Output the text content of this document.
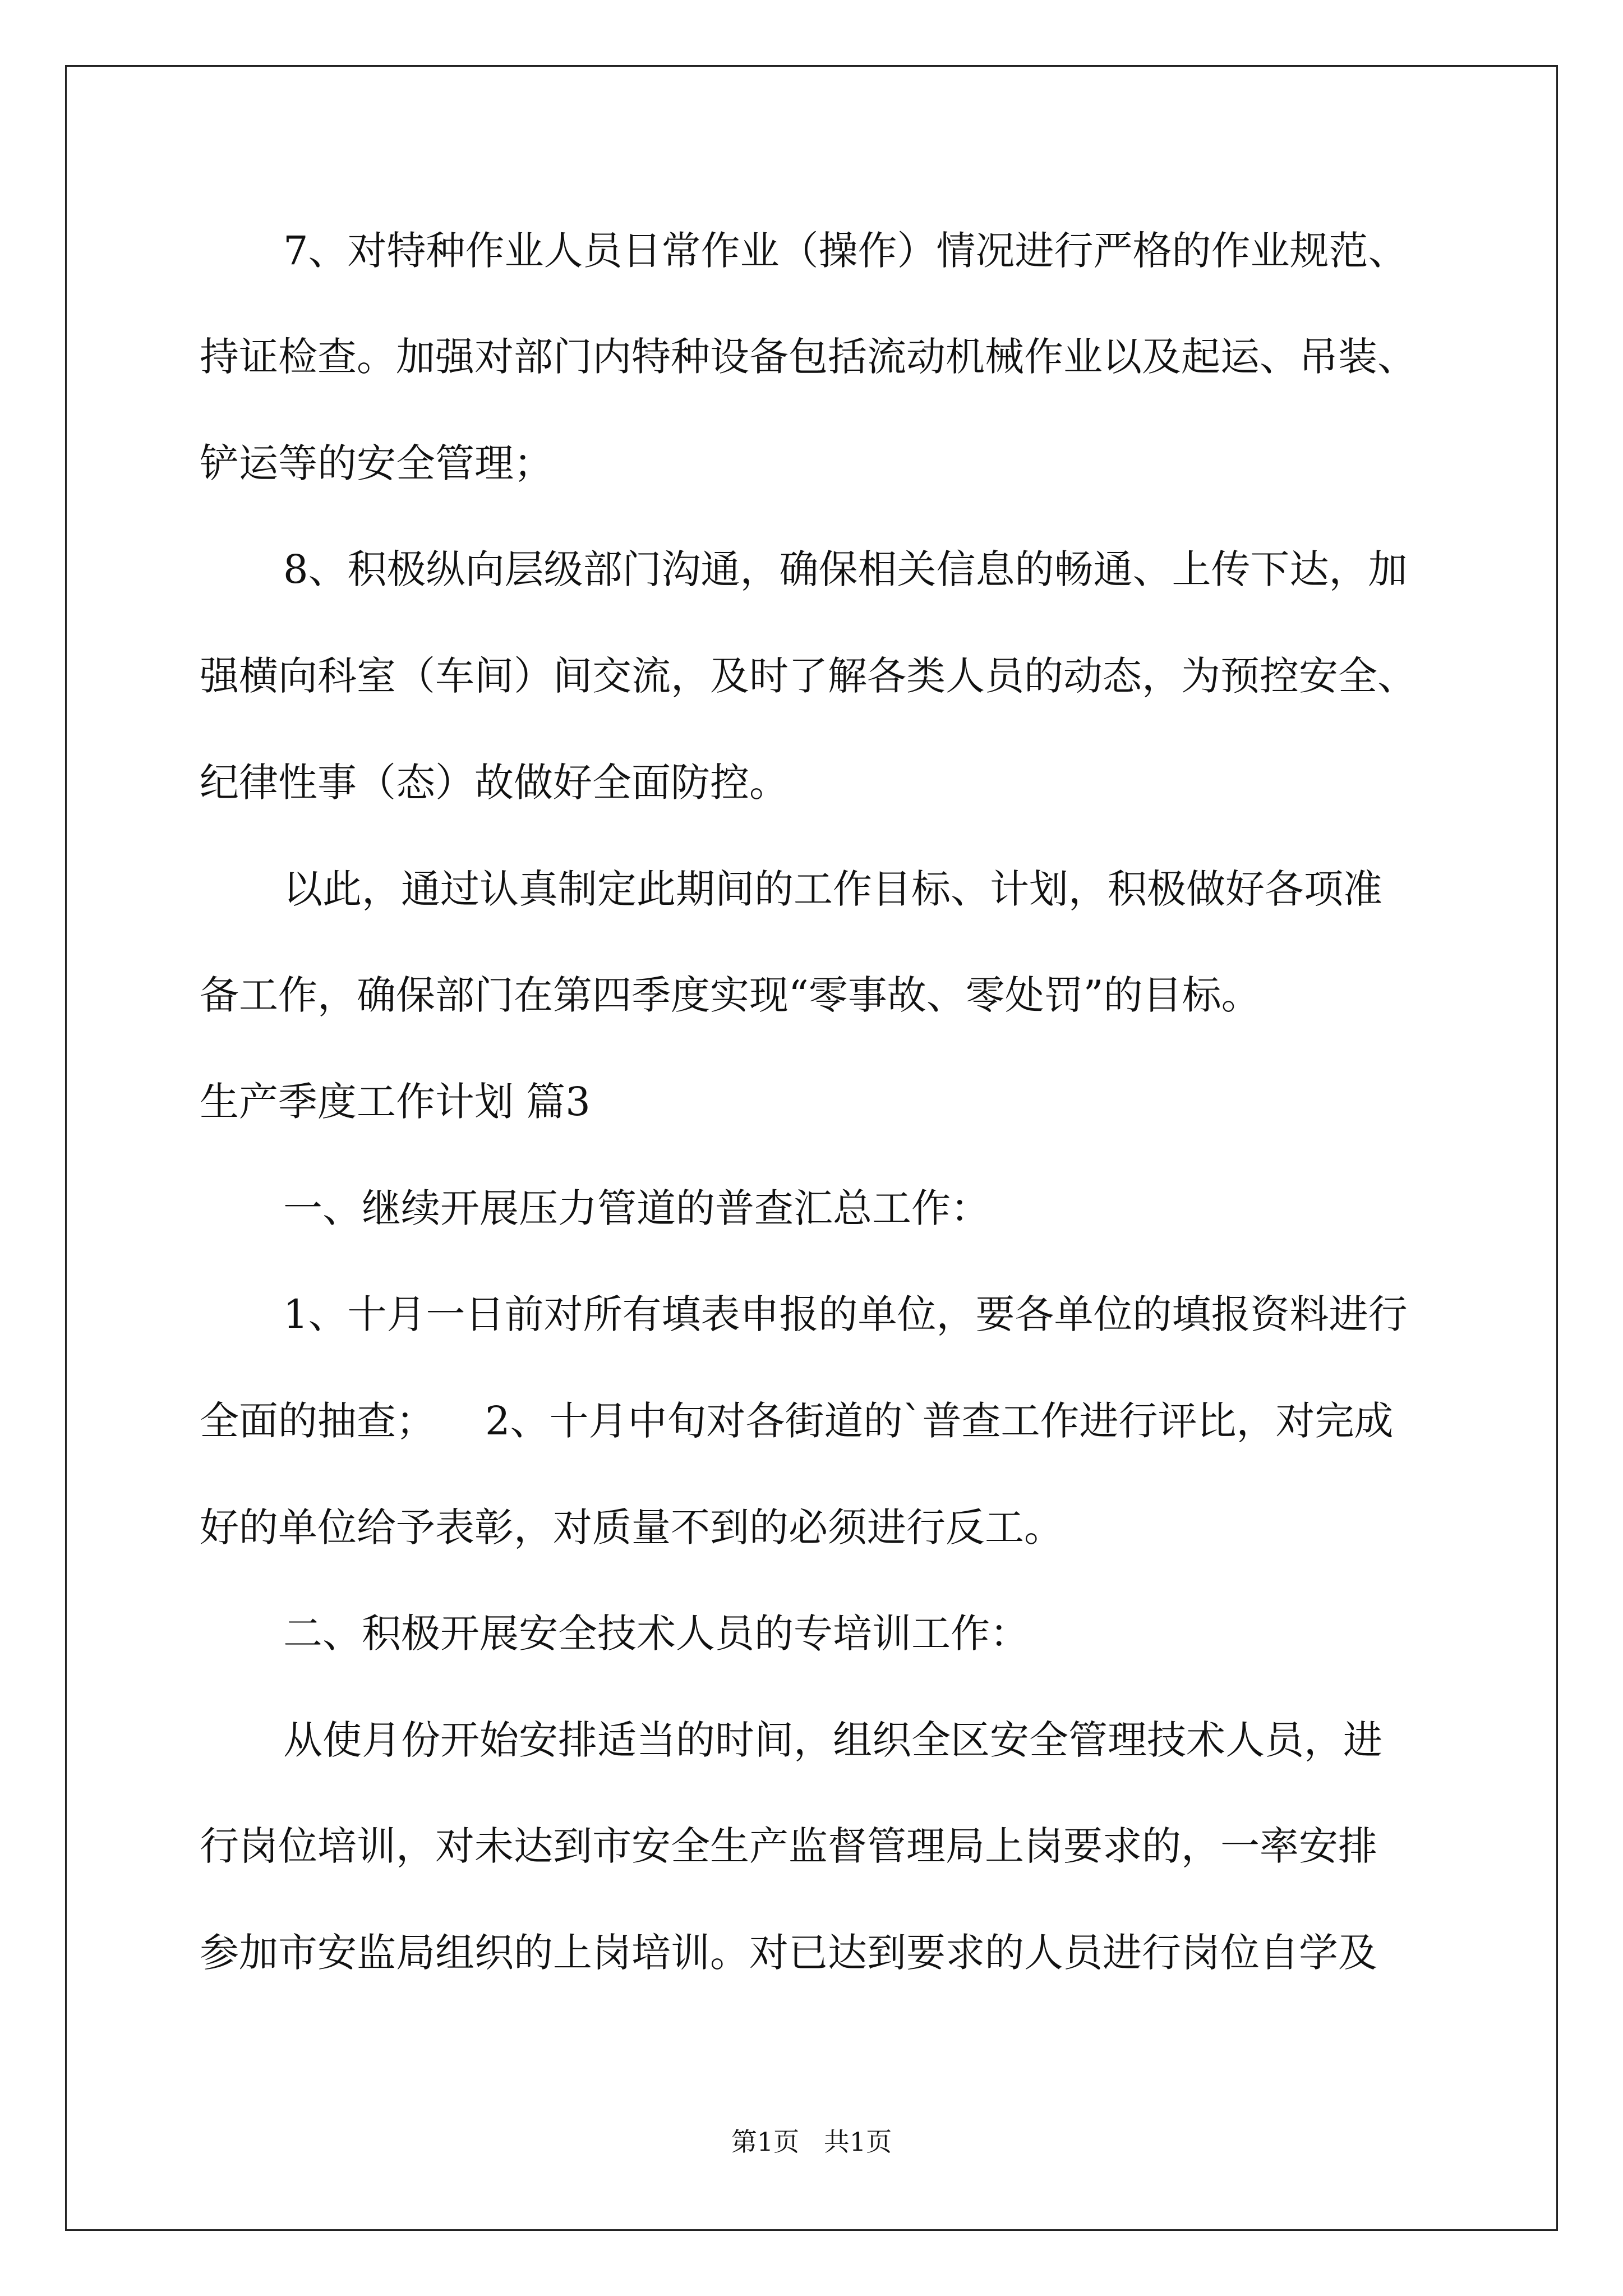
7、对特种作业人员日常作业（操作）情况进行严格的作业规范、
持证检查。加强对部门内特种设备包括流动机械作业以及起运、吊装、
铲运等的安全管理；
8、积极纵向层级部门沟通，确保相关信息的畅通、上传下达，加
强横向科室（车间）间交流，及时了解各类人员的动态，为预控安全、
纪律性事（态）故做好全面防控。
以此，通过认真制定此期间的工作目标、计划，积极做好各项准
备工作，确保部门在第四季度实现“零事故、零处罚”的目标。
生产季度工作计划 篇3
一、继续开展压力管道的普查汇总工作：
1、十月一日前对所有填表申报的单位，要各单位的填报资料进行
全面的抽查；    2、十月中旬对各街道的`普查工作进行评比，对完成
好的单位给予表彰，对质量不到的必须进行反工。
二、积极开展安全技术人员的专培训工作：
从使月份开始安排适当的时间，组织全区安全管理技术人员，进
行岗位培训，对未达到市安全生产监督管理局上岗要求的，一率安排
参加市安监局组织的上岗培训。对已达到要求的人员进行岗位自学及
第1页   共1页
